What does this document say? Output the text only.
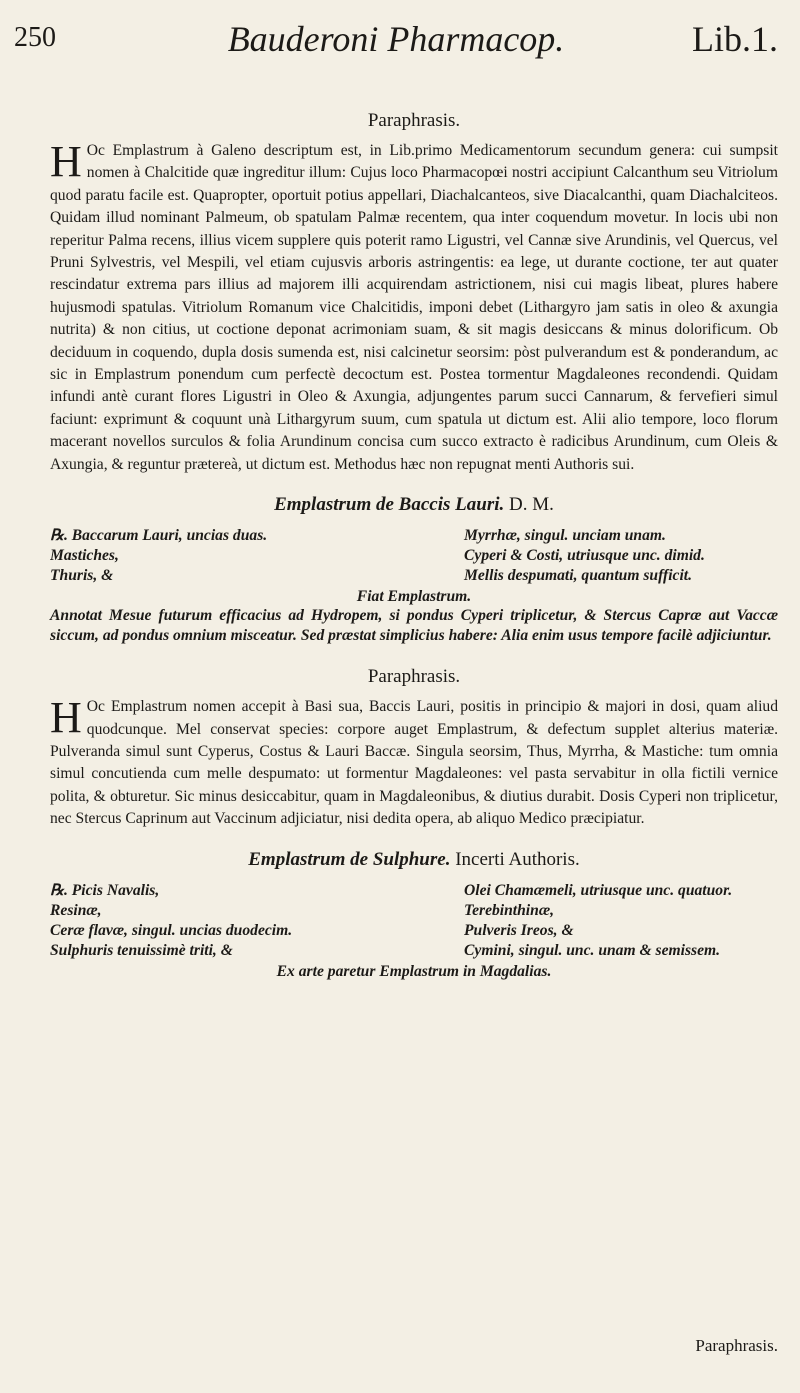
250	Bauderoni Pharmacop.	Lib.1.
Paraphrasis.

H Oc Emplastrum à Galeno descriptum est, in Lib.primo Medicamentorum secundum genera: cui sumpsit nomen à Chalcitide quæ ingreditur illum: Cujus loco Pharmacopœi nostri accipiunt Calcanthum seu Vitriolum quod paratu facile est. Quapropter, oportuit potius appellari, Diachalcanteos, sive Diacalcanthi, quam Diachalciteos. Quidam illud nominant Palmeum, ob spatulam Palmæ recentem, qua inter coquendum movetur. In locis ubi non reperitur Palma recens, illius vicem supplere quis poterit ramo Ligustri, vel Cannæ sive Arundinis, vel Quercus, vel Pruni Sylvestris, vel Mespili, vel etiam cujusvis arboris astringentis: ea lege, ut durante coctione, ter aut quater rescindatur extrema pars illius ad majorem illi acquirendam astrictionem, nisi cui magis libeat, plures habere hujusmodi spatulas. Vitriolum Romanum vice Chalcitidis, imponi debet (Lithargyro jam satis in oleo & axungia nutrita) & non citius, ut coctione deponat acrimoniam suam, & sit magis desiccans & minus dolorificum. Ob deciduum in coquendo, dupla dosis sumenda est, nisi calcinetur seorsim: pòst pulverandum est & ponderandum, ac sic in Emplastrum ponendum cum perfectè decoctum est. Postea tormentur Magdaleones recondendi. Quidam infundi antè curant flores Ligustri in Oleo & Axungia, adjungentes parum succi Cannarum, & fervefieri simul faciunt: exprimunt & coquunt unà Lithargyrum suum, cum spatula ut dictum est. Alii alio tempore, loco florum macerant novellos surculos & folia Arundinum concisa cum succo extracto è radicibus Arundinum, cum Oleis & Axungia, & reguntur prætereà, ut dictum est. Methodus hæc non repugnat menti Authoris sui.

Emplastrum de Baccis Lauri. D. M.
℞. Baccarum Lauri, uncias duas.	Myrrhæ, singul. unciam unam.
Mastiches,	Cyperi & Costi, utriusque unc. dimid.
Thuris, &	Mellis despumati, quantum sufficit.
Fiat Emplastrum.

Annotat Mesue futurum efficacius ad Hydropem, si pondus Cyperi triplicetur, & Stercus Capræ aut Vaccæ siccum, ad pondus omnium misceatur. Sed præstat simplicius habere: Alia enim usus tempore facilè adjiciuntur.

Paraphrasis.

H Oc Emplastrum nomen accepit à Basi sua, Baccis Lauri, positis in principio & majori in dosi, quam aliud quodcunque. Mel conservat species: corpore auget Emplastrum, & defectum supplet alterius materiæ. Pulveranda simul sunt Cyperus, Costus & Lauri Baccæ. Singula seorsim, Thus, Myrrha, & Mastiche: tum omnia simul concutienda cum melle despumato: ut formentur Magdaleones: vel pasta servabitur in olla fictili vernice polita, & obturetur. Sic minus desiccabitur, quam in Magdaleonibus, & diutius durabit. Dosis Cyperi non triplicetur, nec Stercus Caprinum aut Vaccinum adjiciatur, nisi dedita opera, ab aliquo Medico præcipiatur.

Emplastrum de Sulphure. Incerti Authoris.
℞. Picis Navalis,	Olei Chamæmeli, utriusque unc. quatuor.
Resinæ,	Terebinthinæ,
Ceræ flavæ, singul. uncias duodecim.	Pulveris Ireos, &
Sulphuris tenuissimè triti, &	Cymini, singul. unc. unam & semissem.
Ex arte paretur Emplastrum in Magdalias.
Paraphrasis.
